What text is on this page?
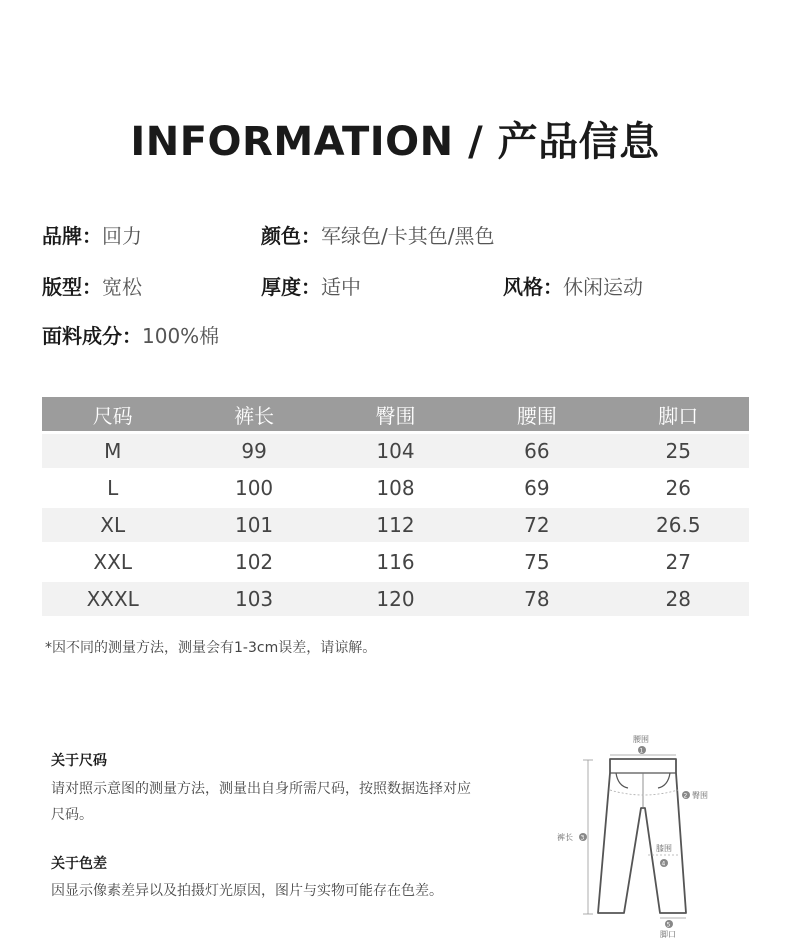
INFORMATION / 产品信息
品牌：回力	颜色：军绿色/卡其色/黑色
版型：宽松	厚度：适中	风格：休闲运动
面料成分：100%棉
尺码	裤长	臀围	腰围	脚口
M	99	104	66	25
L	100	108	69	26
XL	101	112	72	26.5
XXL	102	116	75	27
XXXL	103	120	78	28
*因不同的测量方法，测量会有1-3cm误差，请谅解。
关于尺码
请对照示意图的测量方法，测量出自身所需尺码，按照数据选择对应尺码。
关于色差
因显示像素差异以及拍摄灯光原因，图片与实物可能存在色差。
腰围
1
2 臀围
裤长 3
膝围
4
5
脚口
